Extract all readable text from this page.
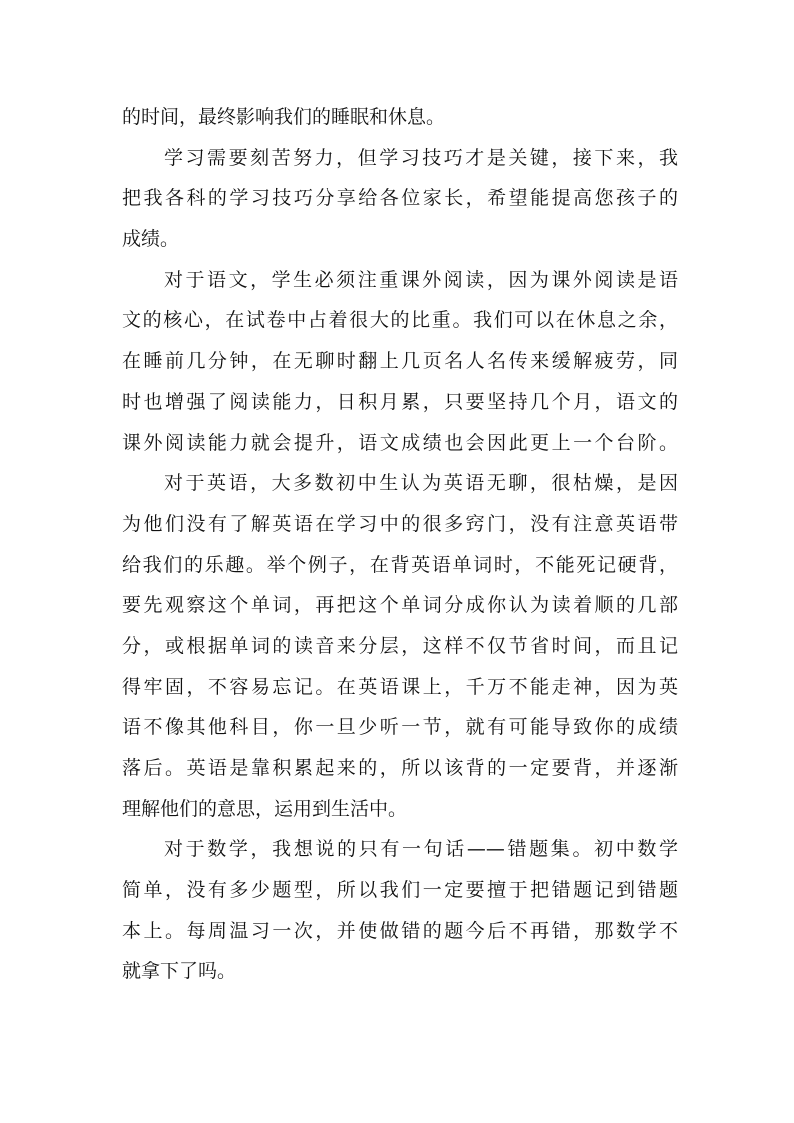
的时间，最终影响我们的睡眠和休息。
学习需要刻苦努力，但学习技巧才是关键，接下来，我
把我各科的学习技巧分享给各位家长，希望能提高您孩子的
成绩。
对于语文，学生必须注重课外阅读，因为课外阅读是语
文的核心，在试卷中占着很大的比重。我们可以在休息之余，
在睡前几分钟，在无聊时翻上几页名人名传来缓解疲劳，同
时也增强了阅读能力，日积月累，只要坚持几个月，语文的
课外阅读能力就会提升，语文成绩也会因此更上一个台阶。
对于英语，大多数初中生认为英语无聊，很枯燥，是因
为他们没有了解英语在学习中的很多窍门，没有注意英语带
给我们的乐趣。举个例子，在背英语单词时，不能死记硬背，
要先观察这个单词，再把这个单词分成你认为读着顺的几部
分，或根据单词的读音来分层，这样不仅节省时间，而且记
得牢固，不容易忘记。在英语课上，千万不能走神，因为英
语不像其他科目，你一旦少听一节，就有可能导致你的成绩
落后。英语是靠积累起来的，所以该背的一定要背，并逐渐
理解他们的意思，运用到生活中。
对于数学，我想说的只有一句话——错题集。初中数学
简单，没有多少题型，所以我们一定要擅于把错题记到错题
本上。每周温习一次，并使做错的题今后不再错，那数学不
就拿下了吗。
